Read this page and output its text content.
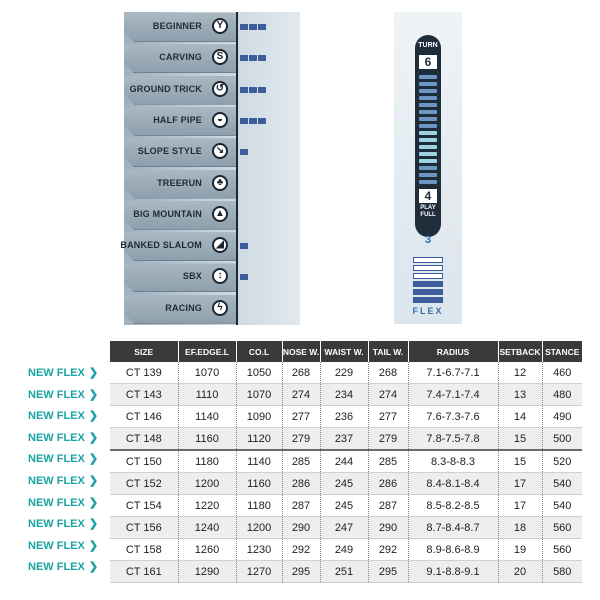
BEGINNER	Y
CARVING	S
GROUND TRICK	↺
HALF PIPE	◒
SLOPE STYLE	↘
TREERUN	♣
BIG MOUNTAIN	▲
BANKED SLALOM	◢
SBX	↕
RACING	ϟ
TURN
6
4
PLAY
FULL
3
FLEX
SIZE	EF.EDGE.L	CO.L	NOSE W.	WAIST W.	TAIL W.	RADIUS	SETBACK	STANCE
CT 139	1070	1050	268	229	268	7.1-6.7-7.1	12	460
CT 143	1110	1070	274	234	274	7.4-7.1-7.4	13	480
CT 146	1140	1090	277	236	277	7.6-7.3-7.6	14	490
CT 148	1160	1120	279	237	279	7.8-7.5-7.8	15	500
CT 150	1180	1140	285	244	285	8.3-8-8.3	15	520
CT 152	1200	1160	286	245	286	8.4-8.1-8.4	17	540
CT 154	1220	1180	287	245	287	8.5-8.2-8.5	17	540
CT 156	1240	1200	290	247	290	8.7-8.4-8.7	18	560
CT 158	1260	1230	292	249	292	8.9-8.6-8.9	19	560
CT 161	1290	1270	295	251	295	9.1-8.8-9.1	20	580
NEW FLEX ❯
NEW FLEX ❯
NEW FLEX ❯
NEW FLEX ❯
NEW FLEX ❯
NEW FLEX ❯
NEW FLEX ❯
NEW FLEX ❯
NEW FLEX ❯
NEW FLEX ❯
